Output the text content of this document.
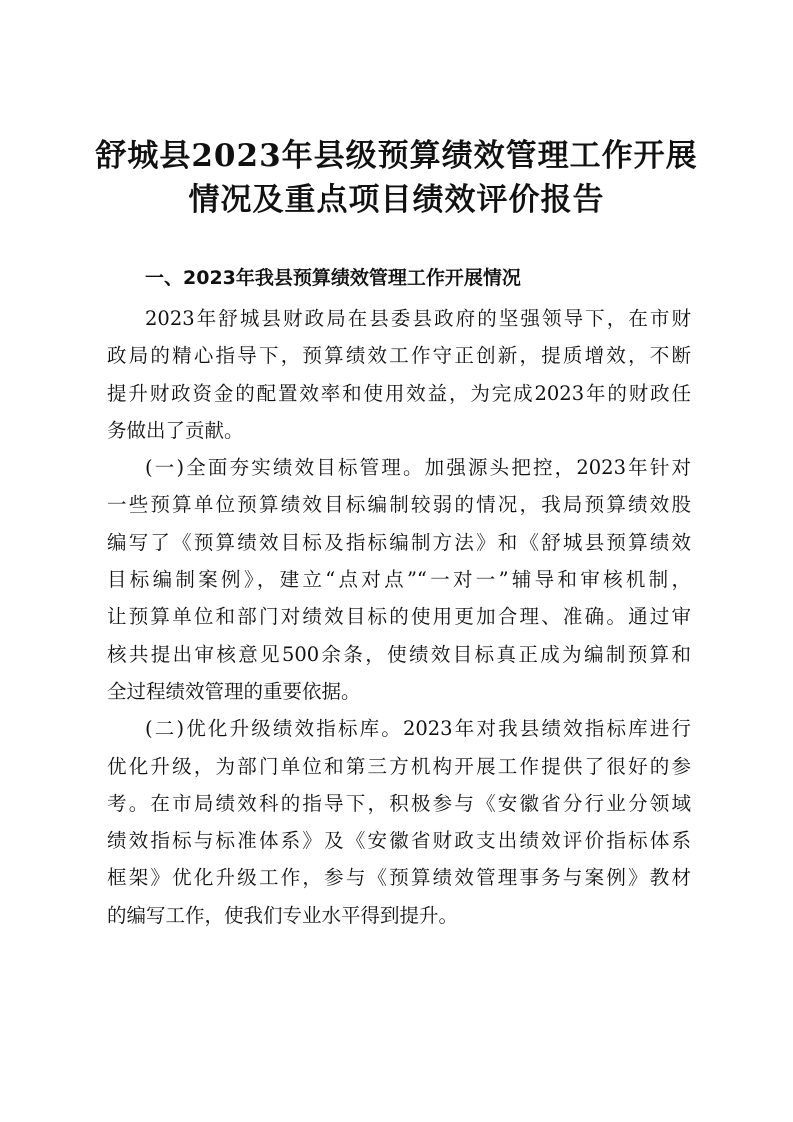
舒城县2023年县级预算绩效管理工作开展
情况及重点项目绩效评价报告
一、2023年我县预算绩效管理工作开展情况
2023年舒城县财政局在县委县政府的坚强领导下，在市财
政局的精心指导下，预算绩效工作守正创新，提质增效，不断
提升财政资金的配置效率和使用效益，为完成2023年的财政任
务做出了贡献。
(一)全面夯实绩效目标管理。加强源头把控，2023年针对
一些预算单位预算绩效目标编制较弱的情况，我局预算绩效股
编写了《预算绩效目标及指标编制方法》和《舒城县预算绩效
目标编制案例》，建立“点对点”“一对一”辅导和审核机制，
让预算单位和部门对绩效目标的使用更加合理、准确。通过审
核共提出审核意见500余条，使绩效目标真正成为编制预算和
全过程绩效管理的重要依据。
(二)优化升级绩效指标库。2023年对我县绩效指标库进行
优化升级，为部门单位和第三方机构开展工作提供了很好的参
考。在市局绩效科的指导下，积极参与《安徽省分行业分领域
绩效指标与标准体系》及《安徽省财政支出绩效评价指标体系
框架》优化升级工作，参与《预算绩效管理事务与案例》教材
的编写工作，使我们专业水平得到提升。
